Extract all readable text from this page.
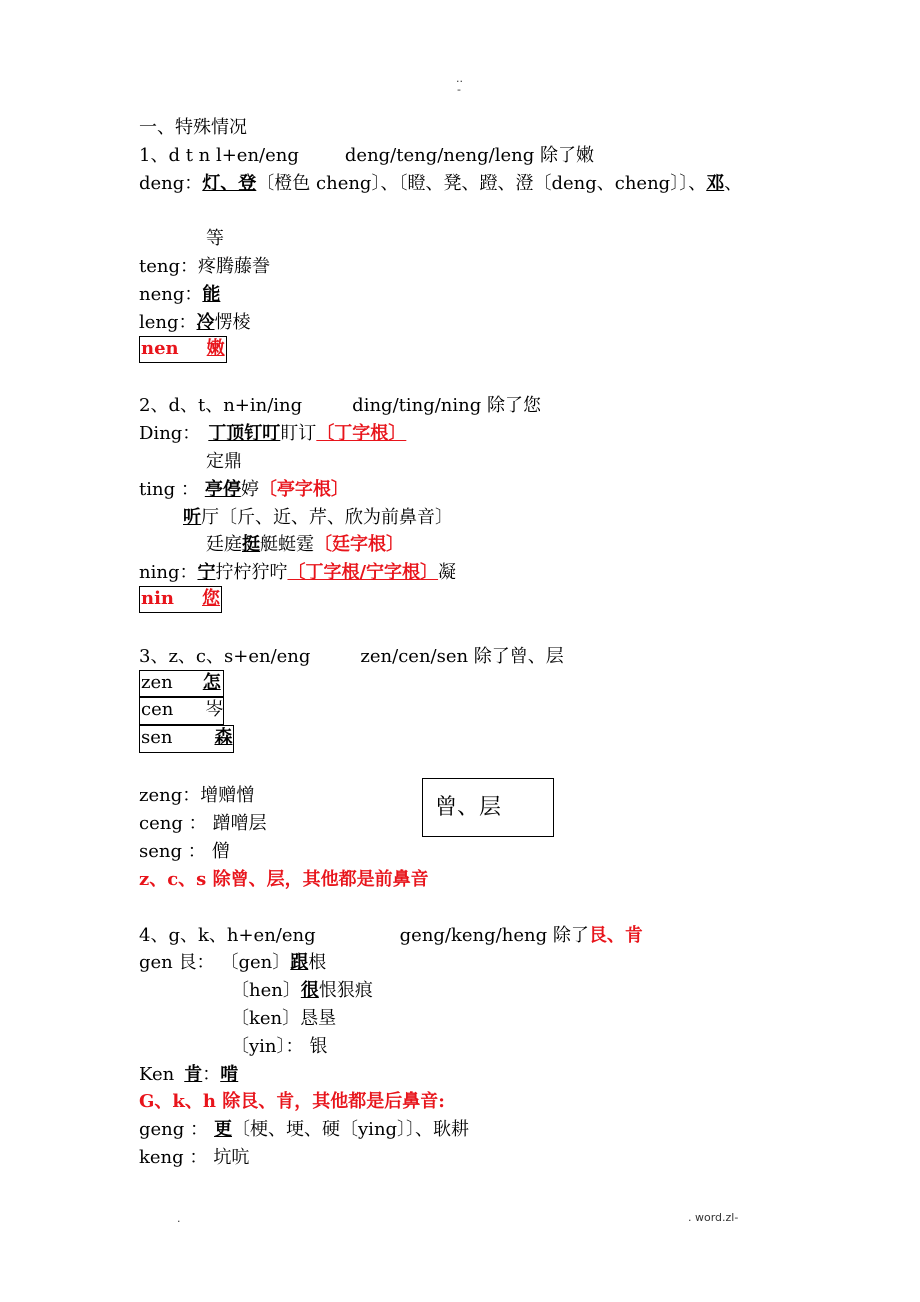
..
-
一、特殊情况
1、d t n l+en/eng	deng/teng/neng/leng 除了嫩
deng：灯、登〔橙色 cheng〕、〔瞪、凳、蹬、澄〔deng、cheng〕〕、邓、
等
teng：疼腾藤誊
neng：能
leng：冷愣棱
nen 嫩
2、d、t、n+in/ing	ding/ting/ning 除了您
Ding： 丁顶钉叮盯订〔丁字根〕
定鼎
ting ： 亭停婷〔亭字根〕
听厅〔斤、近、芹、欣为前鼻音〕
廷庭挺艇蜓霆〔廷字根〕
ning：宁拧柠狞咛〔丁字根/宁字根〕凝
nin 您
3、z、c、s+en/eng	zen/cen/sen 除了曾、层
zen 怎
cen 岑
sen 森
zeng：增赠憎
ceng ： 蹭噌层
seng ： 僧
曾、层
z、c、s 除曾、层，其他都是前鼻音
4、g、k、h+en/eng	geng/keng/heng 除了艮、肯
gen 艮： 〔gen〕跟根
〔hen〕很恨狠痕
〔ken〕恳垦
〔yin〕： 银
Ken 肯：啃
G、k、h 除艮、肯，其他都是后鼻音:
geng ： 更〔梗、埂、硬〔ying〕〕、耿耕
keng ： 坑吭
.	. word.zl-
